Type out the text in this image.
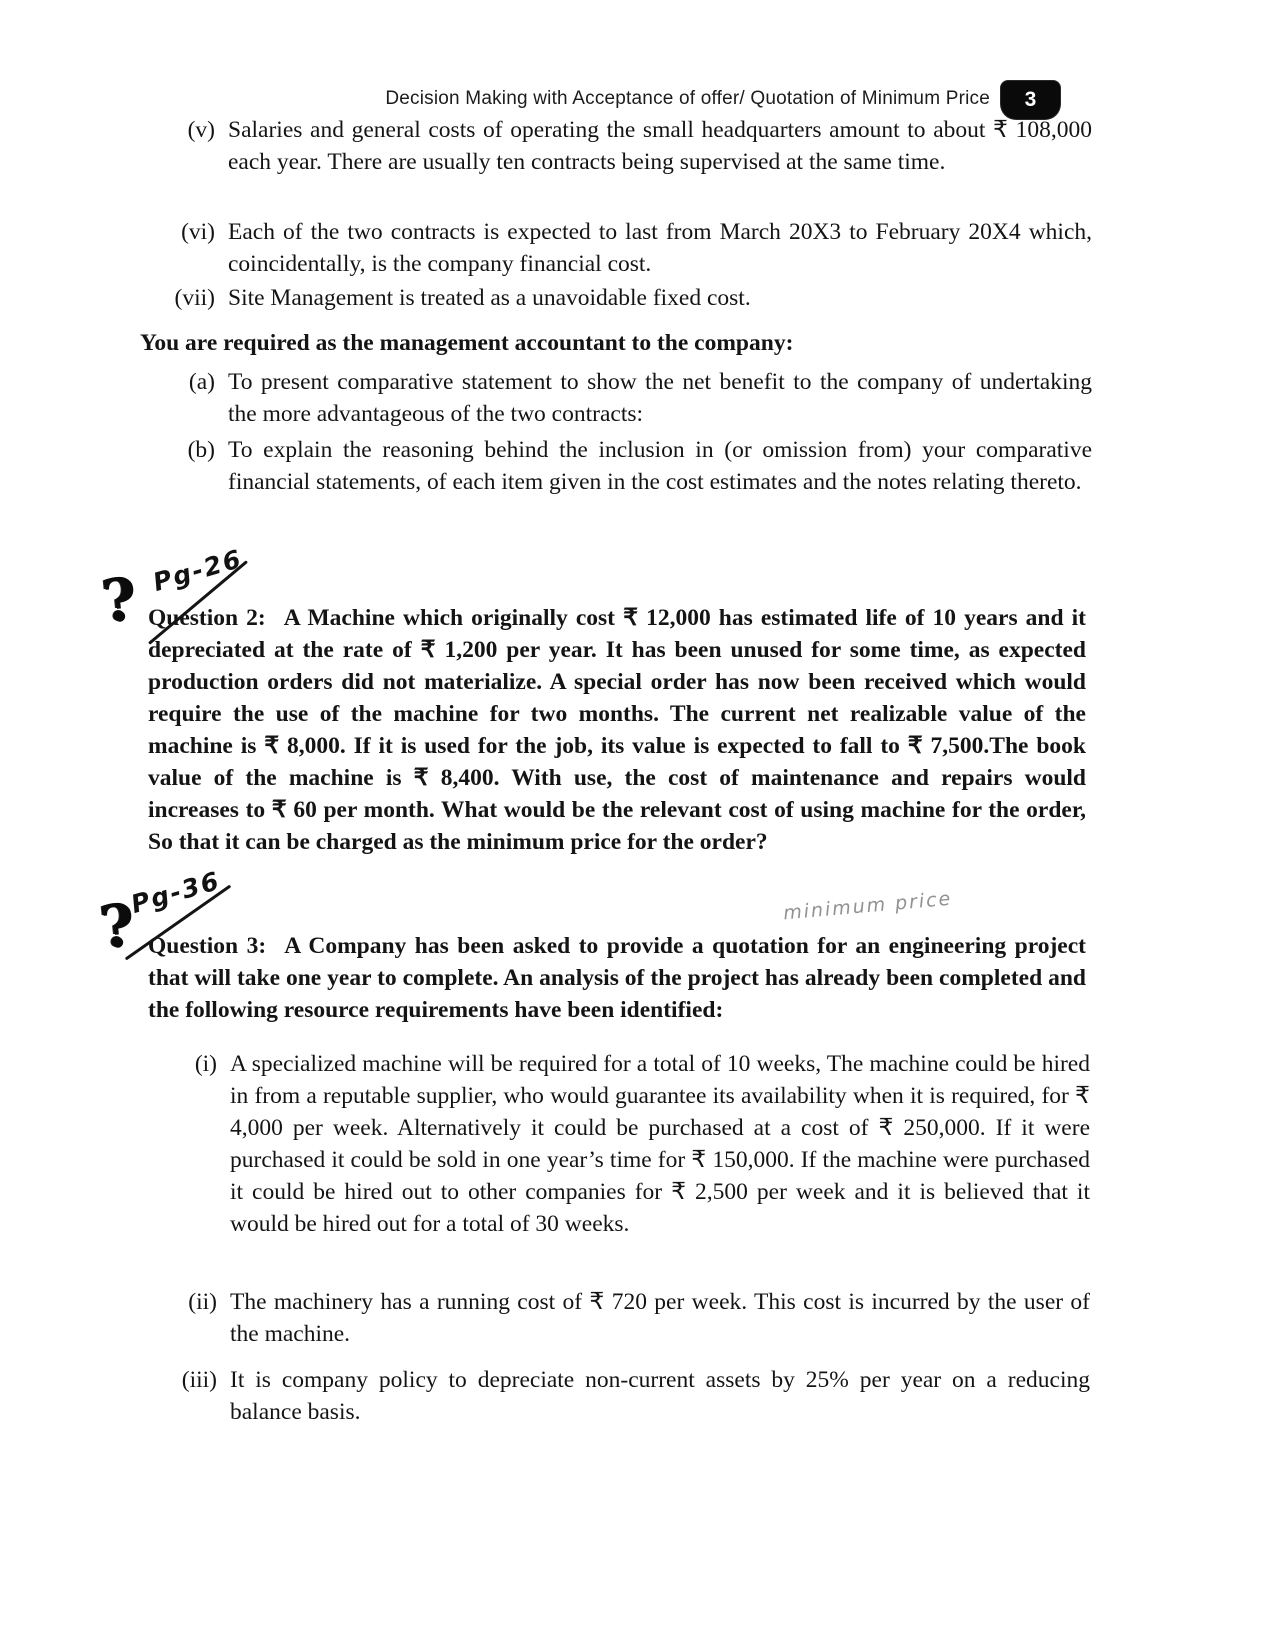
Decision Making with Acceptance of offer/ Quotation of Minimum Price	3
(v) Salaries and general costs of operating the small headquarters amount to about ₹ 108,000 each year. There are usually ten contracts being supervised at the same time.
(vi) Each of the two contracts is expected to last from March 20X3 to February 20X4 which, coincidentally, is the company financial cost.
(vii) Site Management is treated as a unavoidable fixed cost.
You are required as the management accountant to the company:
(a) To present comparative statement to show the net benefit to the company of undertaking the more advantageous of the two contracts:
(b) To explain the reasoning behind the inclusion in (or omission from) your comparative financial statements, of each item given in the cost estimates and the notes relating thereto.
Pg-26
? Question 2: A Machine which originally cost ₹ 12,000 has estimated life of 10 years and it depreciated at the rate of ₹ 1,200 per year. It has been unused for some time, as expected production orders did not materialize. A special order has now been received which would require the use of the machine for two months. The current net realizable value of the machine is ₹ 8,000. If it is used for the job, its value is expected to fall to ₹ 7,500.The book value of the machine is ₹ 8,400. With use, the cost of maintenance and repairs would increases to ₹ 60 per month. What would be the relevant cost of using machine for the order, So that it can be charged as the minimum price for the order?

Pg-36
?	minimum price

Question 3: A Company has been asked to provide a quotation for an engineering project that will take one year to complete. An analysis of the project has already been completed and the following resource requirements have been identified:

(i) A specialized machine will be required for a total of 10 weeks, The machine could be hired in from a reputable supplier, who would guarantee its availability when it is required, for ₹ 4,000 per week. Alternatively it could be purchased at a cost of ₹ 250,000. If it were purchased it could be sold in one year’s time for ₹ 150,000. If the machine were purchased it could be hired out to other companies for ₹ 2,500 per week and it is believed that it would be hired out for a total of 30 weeks.
(ii) The machinery has a running cost of ₹ 720 per week. This cost is incurred by the user of the machine.
(iii) It is company policy to depreciate non-current assets by 25% per year on a reducing balance basis.
